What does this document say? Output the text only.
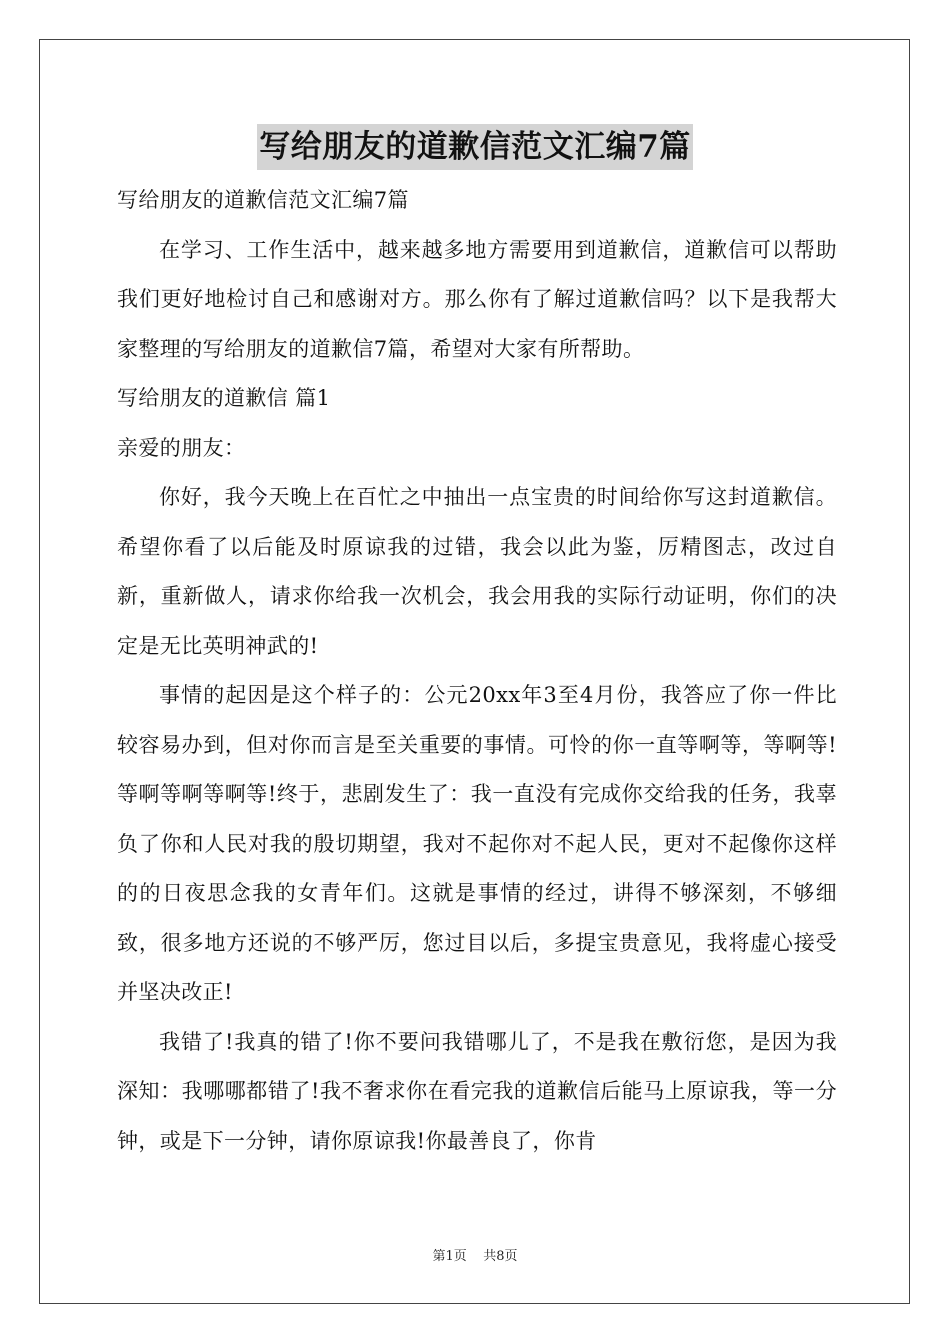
写给朋友的道歉信范文汇编7篇

写给朋友的道歉信范文汇编7篇

在学习、工作生活中，越来越多地方需要用到道歉信，道歉信可以帮助我们更好地检讨自己和感谢对方。那么你有了解过道歉信吗？以下是我帮大家整理的写给朋友的道歉信7篇，希望对大家有所帮助。

写给朋友的道歉信 篇1

亲爱的朋友：

你好，我今天晚上在百忙之中抽出一点宝贵的时间给你写这封道歉信。希望你看了以后能及时原谅我的过错，我会以此为鉴，厉精图志，改过自新，重新做人，请求你给我一次机会，我会用我的实际行动证明，你们的决定是无比英明神武的!

事情的起因是这个样子的：公元20xx年3至4月份，我答应了你一件比较容易办到，但对你而言是至关重要的事情。可怜的你一直等啊等，等啊等!等啊等啊等啊等!终于，悲剧发生了：我一直没有完成你交给我的任务，我辜负了你和人民对我的殷切期望，我对不起你对不起人民，更对不起像你这样的的日夜思念我的女青年们。这就是事情的经过，讲得不够深刻，不够细致，很多地方还说的不够严厉，您过目以后，多提宝贵意见，我将虚心接受并坚决改正!

我错了!我真的错了!你不要问我错哪儿了，不是我在敷衍您，是因为我深知：我哪哪都错了!我不奢求你在看完我的道歉信后能马上原谅我，等一分钟，或是下一分钟，请你原谅我!你最善良了，你肯

第1页 共8页
